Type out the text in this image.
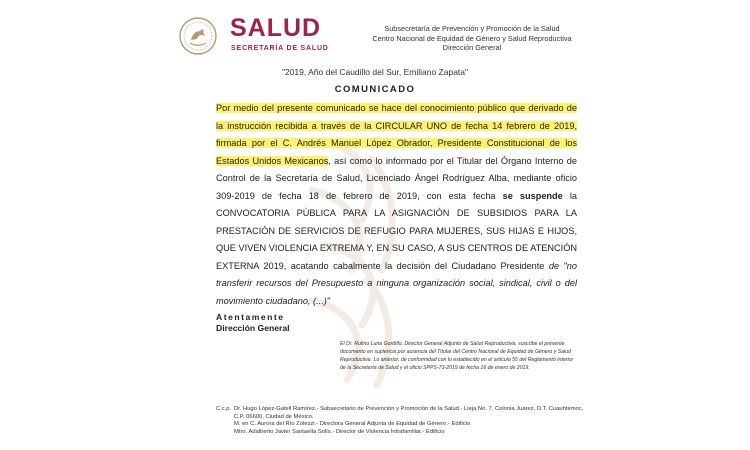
SALUD
SECRETARÍA DE SALUD
Subsecretaría de Prevención y Promoción de la Salud
Centro Nacional de Equidad de Género y Salud Reproductiva
Dirección General
"2019, Año del Caudillo del Sur, Emiliano Zapata"
COMUNICADO
Por medio del presente comunicado se hace del conocimiento público que derivado de la instrucción recibida a través de la CIRCULAR UNO de fecha 14 febrero de 2019, firmada por el C. Andrés Manuel López Obrador, Presidente Constitucional de los Estados Unidos Mexicanos, así como lo informado por el Titular del Órgano Interno de Control de la Secretaría de Salud, Licenciado Ángel Rodríguez Alba, mediante oficio 309-2019 de fecha 18 de febrero de 2019, con esta fecha se suspende la CONVOCATORIA PÚBLICA PARA LA ASIGNACIÓN DE SUBSIDIOS PARA LA PRESTACIÓN DE SERVICIOS DE REFUGIO PARA MUJERES, SUS HIJAS E HIJOS, QUE VIVEN VIOLENCIA EXTREMA Y, EN SU CASO, A SUS CENTROS DE ATENCIÓN EXTERNA 2019, acatando cabalmente la decisión del Ciudadano Presidente de "no transferir recursos del Presupuesto a ninguna organización social, sindical, civil o del movimiento ciudadano, (...)"
Atentamente
Dirección General
El Dr. Rufino Luna Gordillo, Director General Adjunto de Salud Reproductiva, suscribe el presente documento en suplencia por ausencia del Titular del Centro Nacional de Equidad de Género y Salud Reproductiva. Lo anterior, de conformidad con lo establecido en el artículo 55 del Reglamento Interior de la Secretaría de Salud y el oficio SPPS-73-2019 de fecha 16 de enero de 2019.
C.c.p. Dr. Hugo López-Gatell Ramírez.- Subsecretario de Prevención y Promoción de la Salud.- Lieja No. 7, Colonia Juárez, D.T. Cuauhtémoc, C.P. 06600, Ciudad de México.
M. en C. Aurora del Río Zolezzi.- Directora General Adjunta de Equidad de Género.- Edificio
Mtro. Adalberto Javier Santaella Solís.- Director de Violencia Intrafamiliar.- Edificio
